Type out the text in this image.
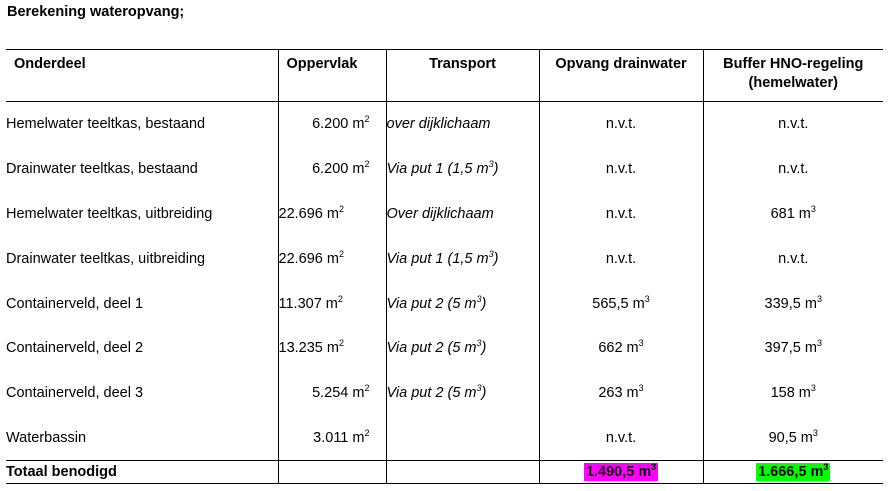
Berekening wateropvang;
Onderdeel	Oppervlak	Transport	Opvang drainwater	Buffer HNO-regeling
(hemelwater)

Hemelwater teeltkas, bestaand	6.200 $m^2$	over dijklichaam	n.v.t.	n.v.t.
Drainwater teeltkas, bestaand	6.200 $m^2$	Via put 1 (1,5 $m^3$)	n.v.t.	n.v.t.
Hemelwater teeltkas, uitbreiding	22.696 $m^2$	Over dijklichaam	n.v.t.	681 $m^3$
Drainwater teeltkas, uitbreiding	22.696 $m^2$	Via put 1 (1,5 $m^3$)	n.v.t.	n.v.t.
Containerveld, deel 1	11.307 $m^2$	Via put 2 (5 $m^3$)	565,5 $m^3$	339,5 $m^3$
Containerveld, deel 2	13.235 $m^2$	Via put 2 (5 $m^3$)	662 $m^3$	397,5 $m^3$
Containerveld, deel 3	5.254 $m^2$	Via put 2 (5 $m^3$)	263 $m^3$	158 $m^3$
Waterbassin	3.011 $m^2$		n.v.t.	90,5 $m^3$
Totaal benodigd			1.490,5 $m^3$	1.666,5 $m^3$
